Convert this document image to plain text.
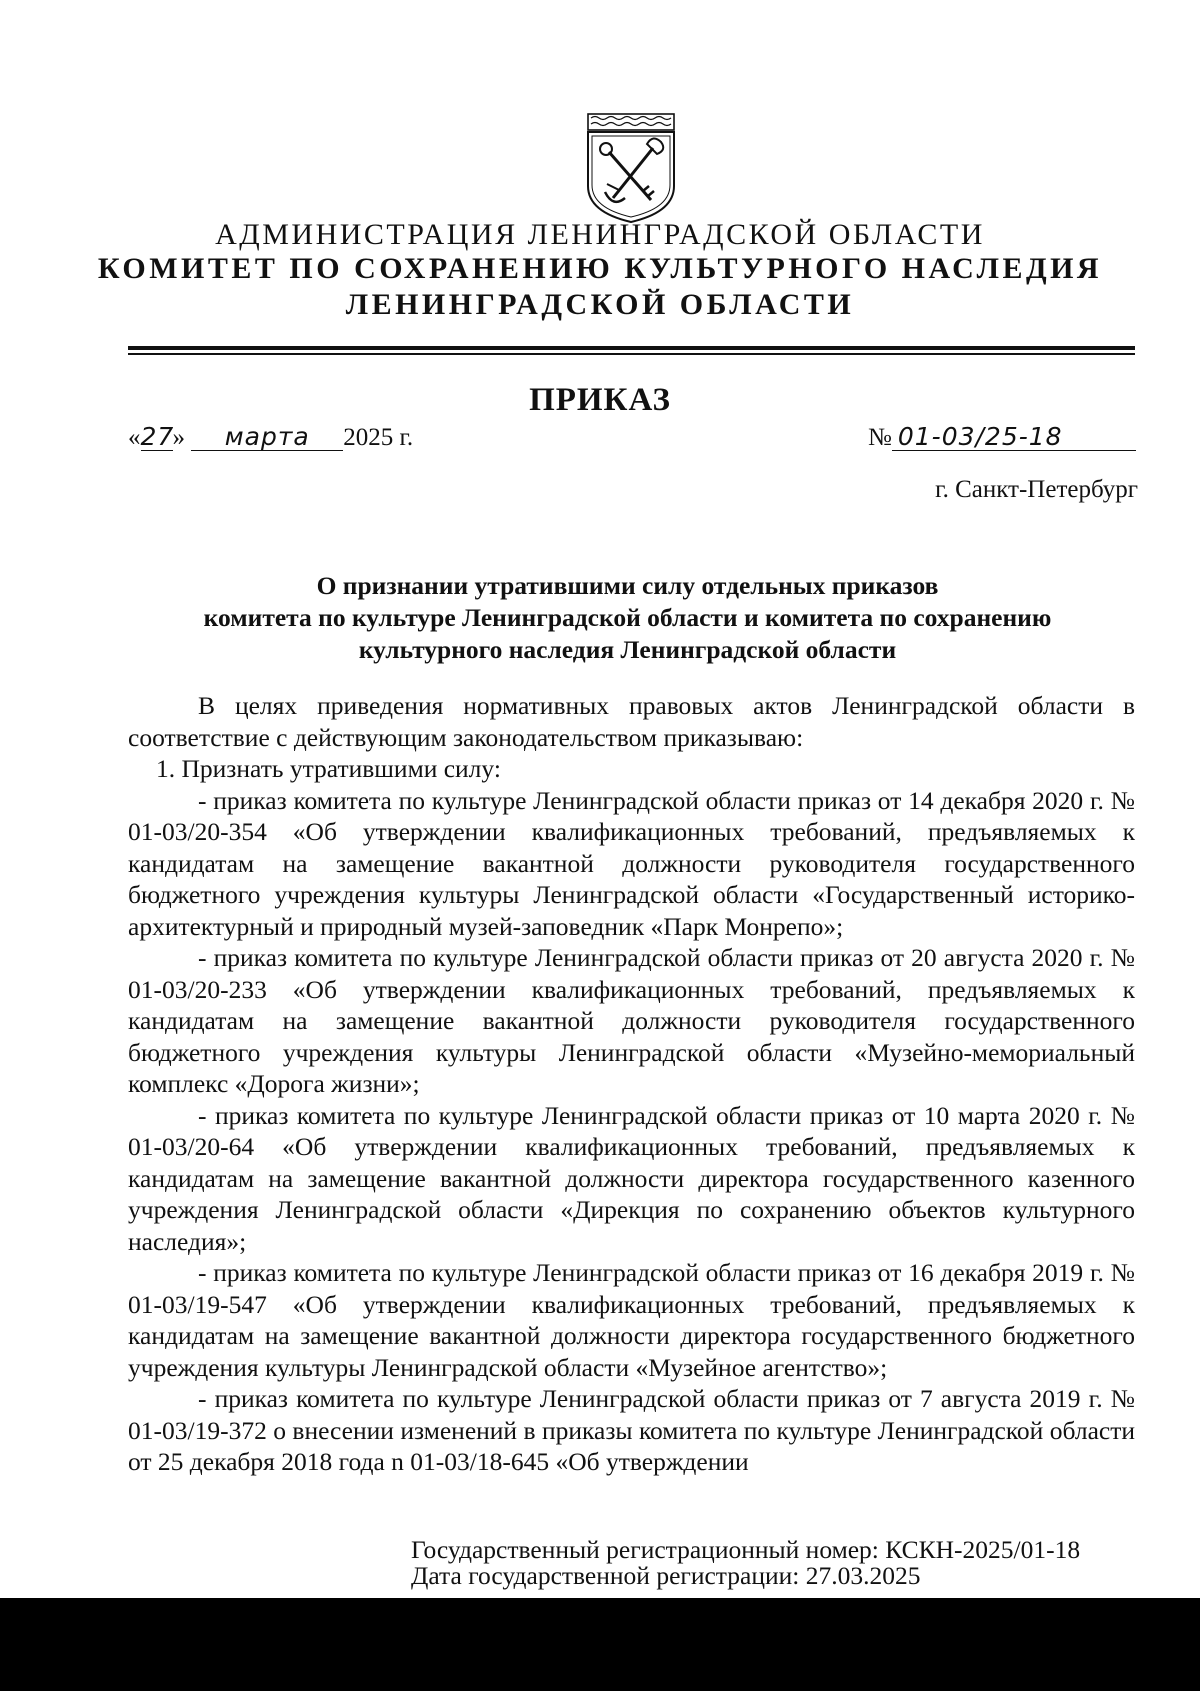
АДМИНИСТРАЦИЯ ЛЕНИНГРАДСКОЙ ОБЛАСТИ
КОМИТЕТ ПО СОХРАНЕНИЮ КУЛЬТУРНОГО НАСЛЕДИЯ
ЛЕНИНГРАДСКОЙ ОБЛАСТИ
ПРИКАЗ
«27» марта 2025 г.	№ 01-03/25-18
г. Санкт-Петербург
О признании утратившими силу отдельных приказов
комитета по культуре Ленинградской области и комитета по сохранению
культурного наследия Ленинградской области

В целях приведения нормативных правовых актов Ленинградской области в соответствие с действующим законодательством приказываю:

1. Признать утратившими силу:

- приказ комитета по культуре Ленинградской области приказ от 14 декабря 2020 г. № 01-03/20-354 «Об утверждении квалификационных требований, предъявляемых к кандидатам на замещение вакантной должности руководителя государственного бюджетного учреждения культуры Ленинградской области «Государственный историко-архитектурный и природный музей-заповедник «Парк Монрепо»;

- приказ комитета по культуре Ленинградской области приказ от 20 августа 2020 г. № 01-03/20-233 «Об утверждении квалификационных требований, предъявляемых к кандидатам на замещение вакантной должности руководителя государственного бюджетного учреждения культуры Ленинградской области «Музейно-мемориальный комплекс «Дорога жизни»;

- приказ комитета по культуре Ленинградской области приказ от 10 марта 2020 г. № 01-03/20-64 «Об утверждении квалификационных требований, предъявляемых к кандидатам на замещение вакантной должности директора государственного казенного учреждения Ленинградской области «Дирекция по сохранению объектов культурного наследия»;

- приказ комитета по культуре Ленинградской области приказ от 16 декабря 2019 г. № 01-03/19-547 «Об утверждении квалификационных требований, предъявляемых к кандидатам на замещение вакантной должности директора государственного бюджетного учреждения культуры Ленинградской области «Музейное агентство»;

- приказ комитета по культуре Ленинградской области приказ от 7 августа 2019 г. № 01-03/19-372 о внесении изменений в приказы комитета по культуре Ленинградской области от 25 декабря 2018 года n 01-03/18-645 «Об утверждении

Государственный регистрационный номер: КСКН-2025/01-18
Дата государственной регистрации: 27.03.2025
